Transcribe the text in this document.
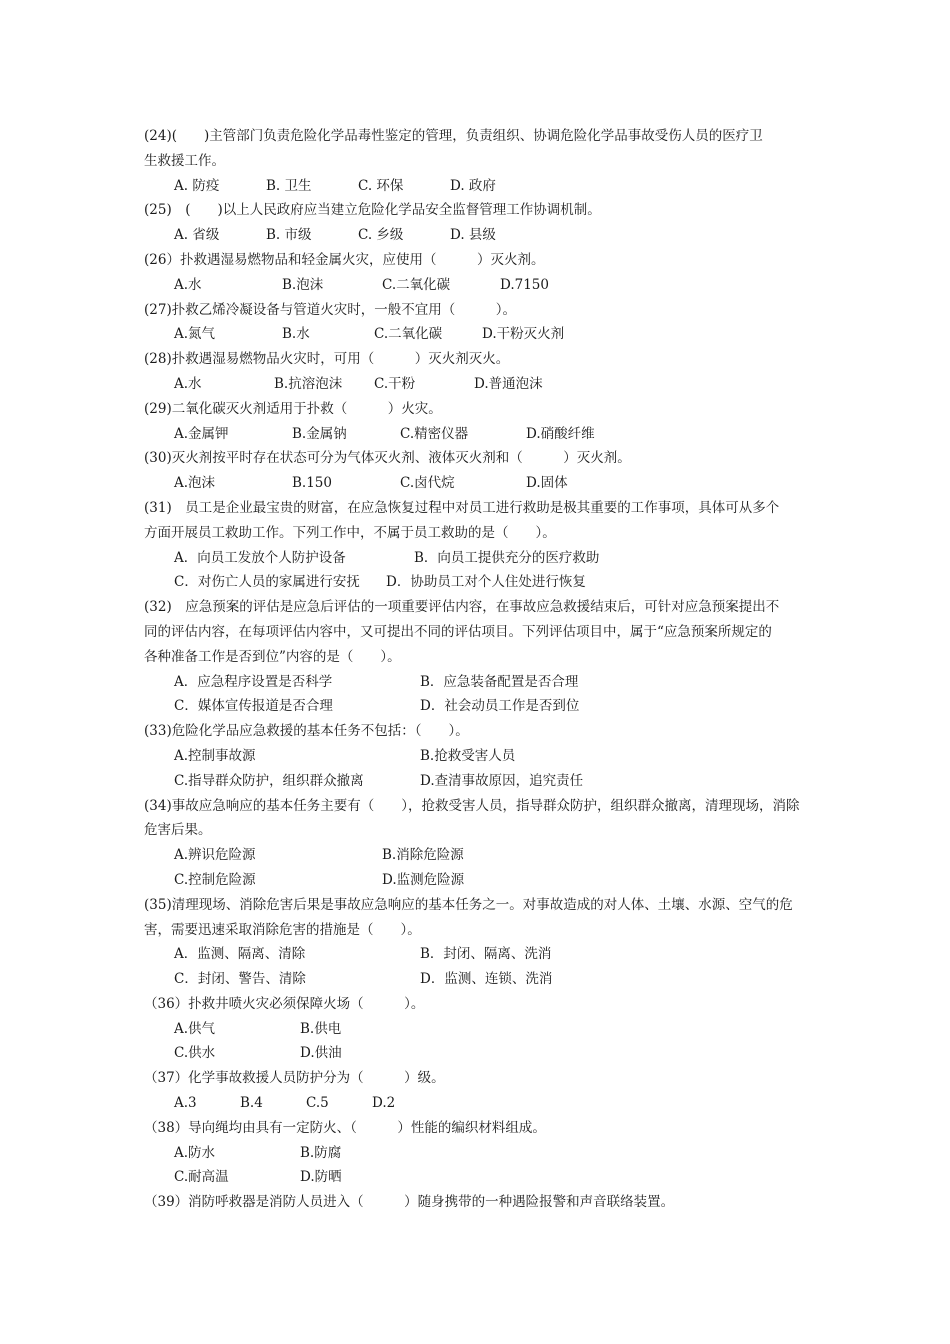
(24)(　　)主管部门负责危险化学品毒性鉴定的管理，负责组织、协调危险化学品事故受伤人员的医疗卫
生救援工作。
A. 防疫	B. 卫生	C. 环保	D. 政府
(25)　(　　)以上人民政府应当建立危险化学品安全监督管理工作协调机制。
A. 省级	B. 市级	C. 乡级	D. 县级
(26）扑救遇湿易燃物品和轻金属火灾，应使用（　　　）灭火剂。
A.水	B.泡沫	C.二氧化碳	D.7150
(27)扑救乙烯冷凝设备与管道火灾时，一般不宜用（　　　）。
A.氮气	B.水	C.二氧化碳	D.干粉灭火剂
(28)扑救遇湿易燃物品火灾时，可用（　　　）灭火剂灭火。
A.水	B.抗溶泡沫 C.干粉	D.普通泡沫
(29)二氧化碳灭火剂适用于扑救（　　　）火灾。
A.金属钾	B.金属钠	C.精密仪器	D.硝酸纤维
(30)灭火剂按平时存在状态可分为气体灭火剂、液体灭火剂和（　　　）灭火剂。
A.泡沫	B.150	C.卤代烷	D.固体
(31)　员工是企业最宝贵的财富，在应急恢复过程中对员工进行救助是极其重要的工作事项，具体可从多个
方面开展员工救助工作。下列工作中，不属于员工救助的是（　　）。
A．向员工发放个人防护设备	B．向员工提供充分的医疗救助
C．对伤亡人员的家属进行安抚 D．协助员工对个人住处进行恢复
(32)　应急预案的评估是应急后评估的一项重要评估内容，在事故应急救援结束后，可针对应急预案提出不
同的评估内容，在每项评估内容中，又可提出不同的评估项目。下列评估项目中，属于“应急预案所规定的
各种准备工作是否到位”内容的是（　　）。
A．应急程序设置是否科学	B．应急装备配置是否合理
C．媒体宣传报道是否合理	D．社会动员工作是否到位
(33)危险化学品应急救援的基本任务不包括：（　　）。
A.控制事故源	B.抢救受害人员
C.指导群众防护，组织群众撤离	D.查清事故原因，追究责任
(34)事故应急响应的基本任务主要有（　　），抢救受害人员，指导群众防护，组织群众撤离，清理现场，消除
危害后果。
A.辨识危险源	B.消除危险源
C.控制危险源	D.监测危险源
(35)清理现场、消除危害后果是事故应急响应的基本任务之一。对事故造成的对人体、土壤、水源、空气的危
害，需要迅速采取消除危害的措施是（　　）。
A．监测、隔离、清除	B．封闭、隔离、洗消
C．封闭、警告、清除	D．监测、连锁、洗消
（36）扑救井喷火灾必须保障火场（　　　）。
A.供气	B.供电
C.供水	D.供油
（37）化学事故救援人员防护分为（　　　）级。
A.3	B.4	C.5	D.2
（38）导向绳均由具有一定防火、（　　　）性能的编织材料组成。
A.防水	B.防腐
C.耐高温	D.防晒
（39）消防呼救器是消防人员进入（　　　）随身携带的一种遇险报警和声音联络装置。
